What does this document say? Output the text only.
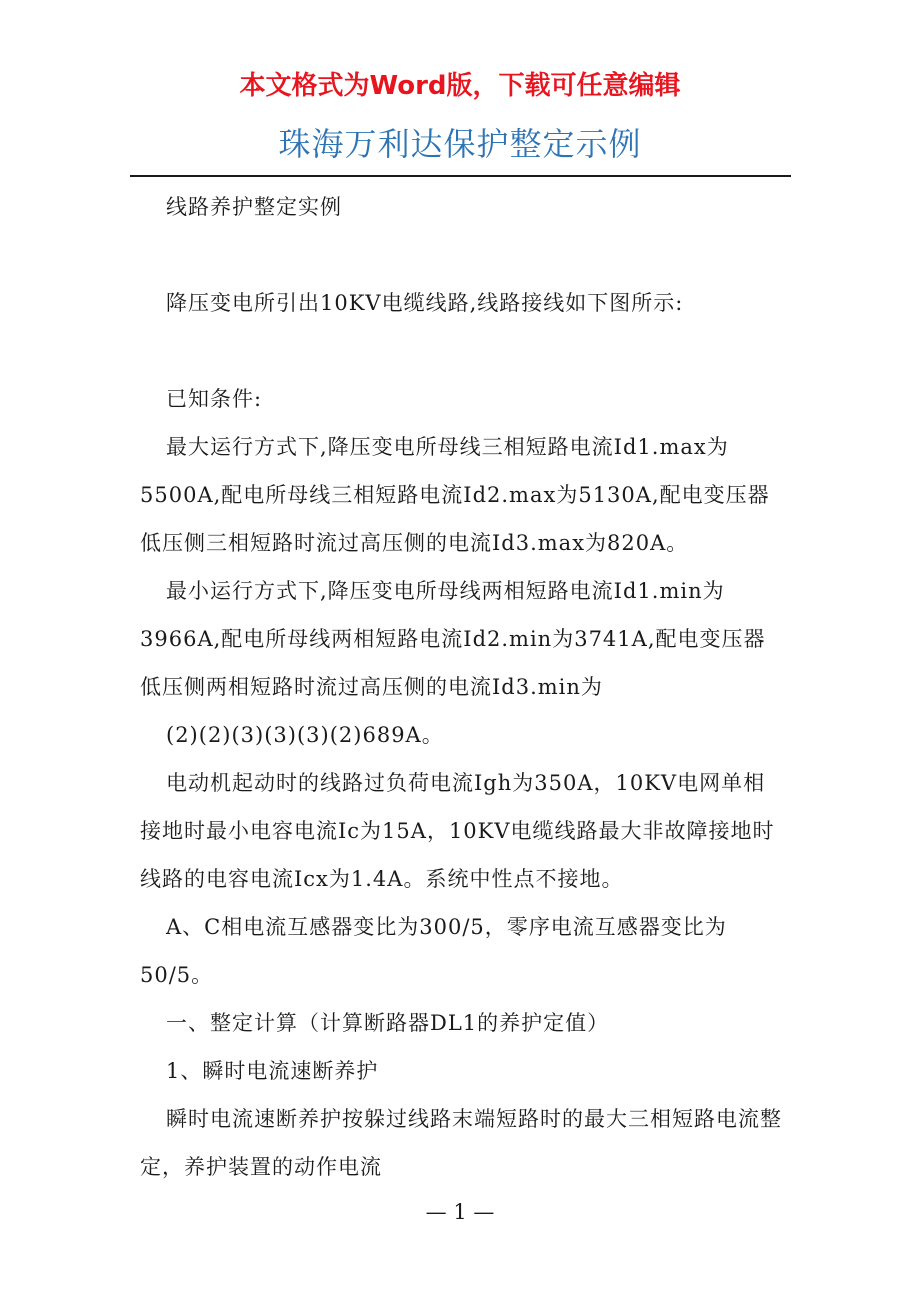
本文格式为Word版，下载可任意编辑
珠海万利达保护整定示例

线路养护整定实例

降压变电所引出10KV电缆线路,线路接线如下图所示:

已知条件:

最大运行方式下,降压变电所母线三相短路电流Id1.max为5500A,配电所母线三相短路电流Id2.max为5130A,配电变压器低压侧三相短路时流过高压侧的电流Id3.max为820A。

最小运行方式下,降压变电所母线两相短路电流Id1.min为3966A,配电所母线两相短路电流Id2.min为3741A,配电变压器低压侧两相短路时流过高压侧的电流Id3.min为

(2)(2)(3)(3)(3)(2)689A。

电动机起动时的线路过负荷电流Igh为350A，10KV电网单相接地时最小电容电流Ic为15A，10KV电缆线路最大非故障接地时线路的电容电流Icx为1.4A。系统中性点不接地。

A、C相电流互感器变比为300/5，零序电流互感器变比为50/5。

一、整定计算（计算断路器DL1的养护定值）

1、瞬时电流速断养护

瞬时电流速断养护按躲过线路末端短路时的最大三相短路电流整定，养护装置的动作电流

— 1 —
